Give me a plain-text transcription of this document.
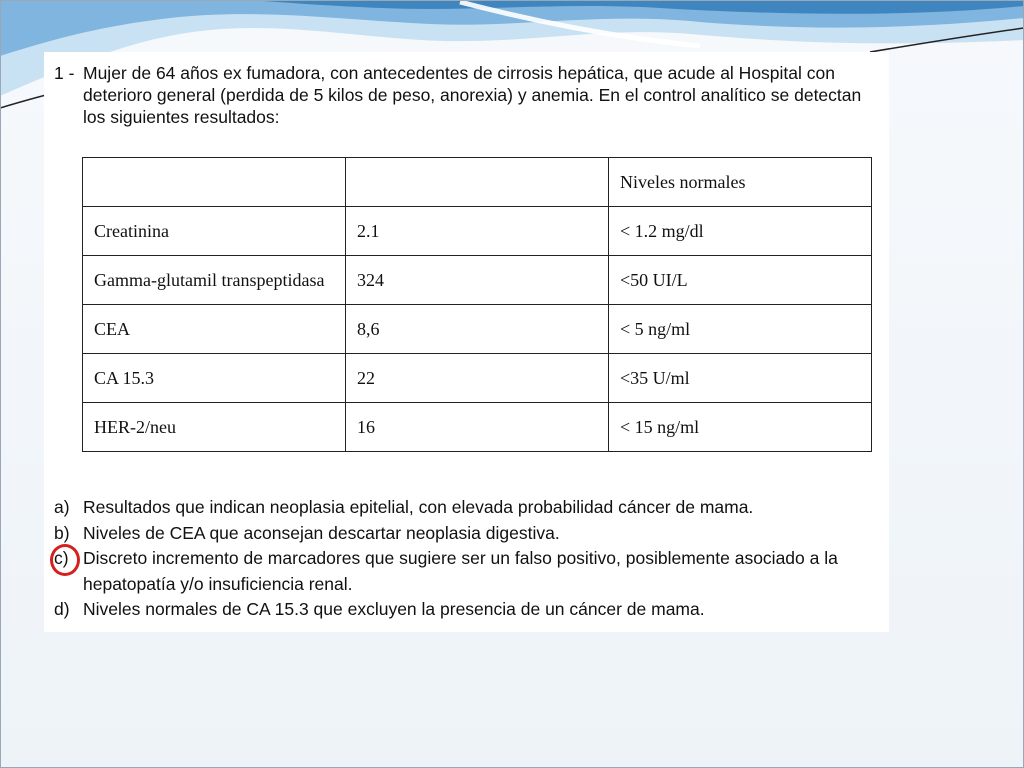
1 - Mujer de 64 años ex fumadora, con antecedentes de cirrosis hepática, que acude al Hospital con deterioro general (perdida de 5 kilos de peso, anorexia) y anemia. En el control analítico se detectan los siguientes resultados:
		Niveles normales
Creatinina	2.1	< 1.2 mg/dl
Gamma-glutamil transpeptidasa	324	<50 UI/L
CEA	8,6	< 5 ng/ml
CA 15.3	22	<35 U/ml
HER-2/neu	16	< 15 ng/ml
a) Resultados que indican neoplasia epitelial, con elevada probabilidad cáncer de mama.
b) Niveles de CEA que aconsejan descartar neoplasia digestiva.
c) Discreto incremento de marcadores que sugiere ser un falso positivo, posiblemente asociado a la hepatopatía y/o insuficiencia renal.
d) Niveles normales de CA 15.3 que excluyen la presencia de un cáncer de mama.
